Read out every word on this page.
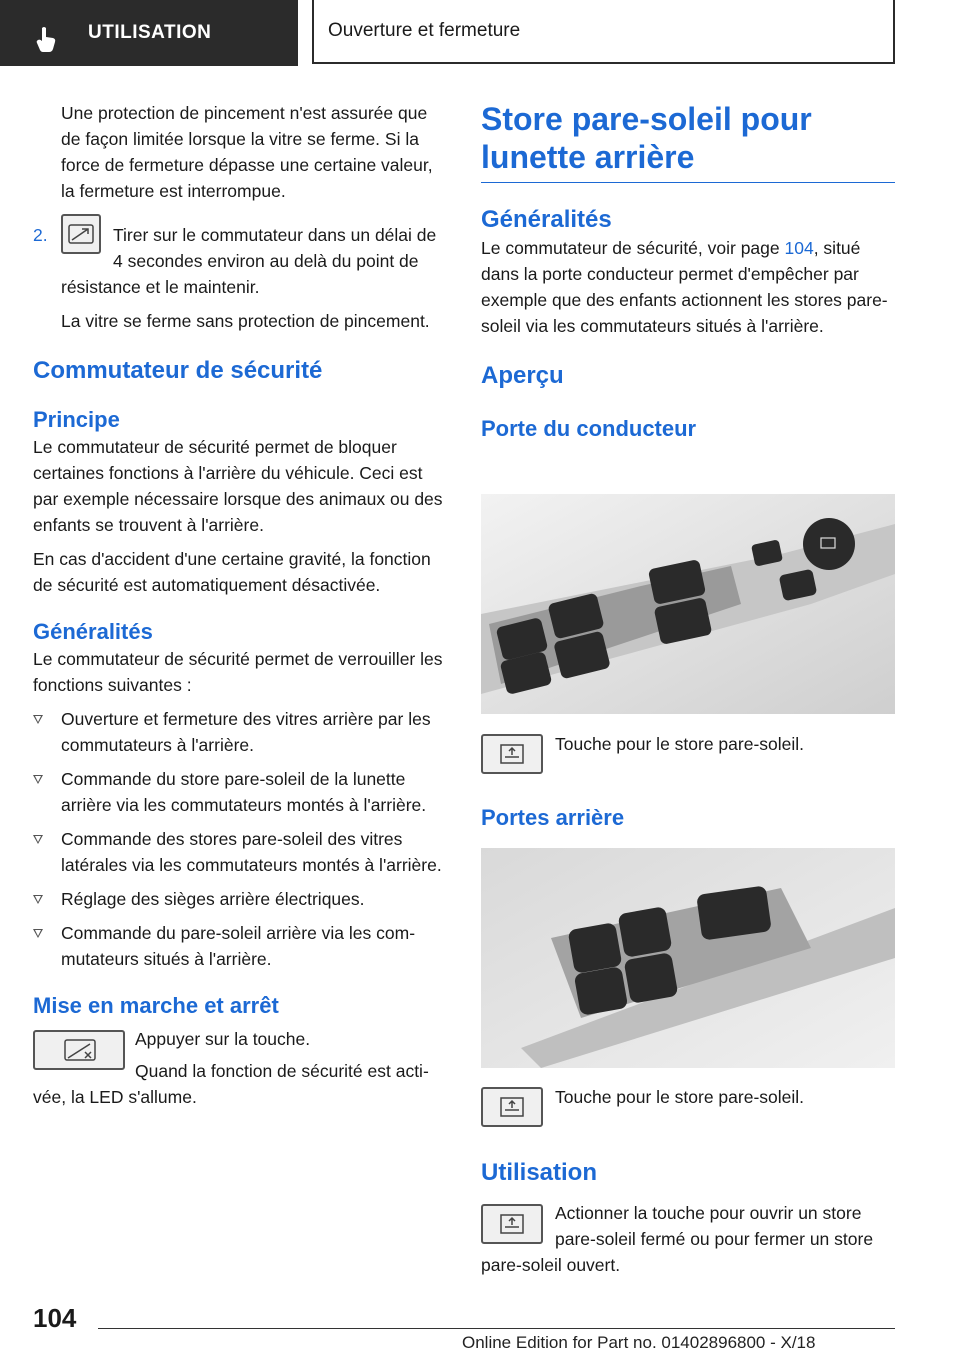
UTILISATION	Ouverture et fermeture

Une protection de pincement n'est assurée que de façon limitée lorsque la vitre se ferme. Si la force de fermeture dépasse une certaine valeur, la fermeture est interrompue.

2.	Tirer sur le commutateur dans un délai de 4 secondes environ au delà du point de résistance et le maintenir.

La vitre se ferme sans protection de pincement.

Commutateur de sécurité
Principe

Le commutateur de sécurité permet de bloquer certaines fonctions à l'arrière du véhicule. Ceci est par exemple nécessaire lorsque des animaux ou des enfants se trouvent à l'arrière.

En cas d'accident d'une certaine gravité, la fonction de sécurité est automatiquement désactivée.

Généralités

Le commutateur de sécurité permet de verrouiller les fonctions suivantes :

Ouverture et fermeture des vitres arrière par les commutateurs à l'arrière.

Commande du store pare-soleil de la lunette arrière via les commutateurs montés à l'arrière.

Commande des stores pare-soleil des vitres latérales via les commutateurs montés à l'arrière.

Réglage des sièges arrière électriques.

Commande du pare-soleil arrière via les commutateurs situés à l'arrière.

Mise en marche et arrêt

Appuyer sur la touche.

Quand la fonction de sécurité est activée, la LED s'allume.

Store pare-soleil pour lunette arrière
Généralités

Le commutateur de sécurité, voir page 104, situé dans la porte conducteur permet d'empêcher par exemple que des enfants actionnent les stores pare-soleil via les commutateurs situés à l'arrière.

Aperçu
Porte du conducteur

Touche pour le store pare-soleil.

Portes arrière

Touche pour le store pare-soleil.

Utilisation

Actionner la touche pour ouvrir un store pare-soleil fermé ou pour fermer un store pare-soleil ouvert.

104
Online Edition for Part no. 01402896800 - X/18
